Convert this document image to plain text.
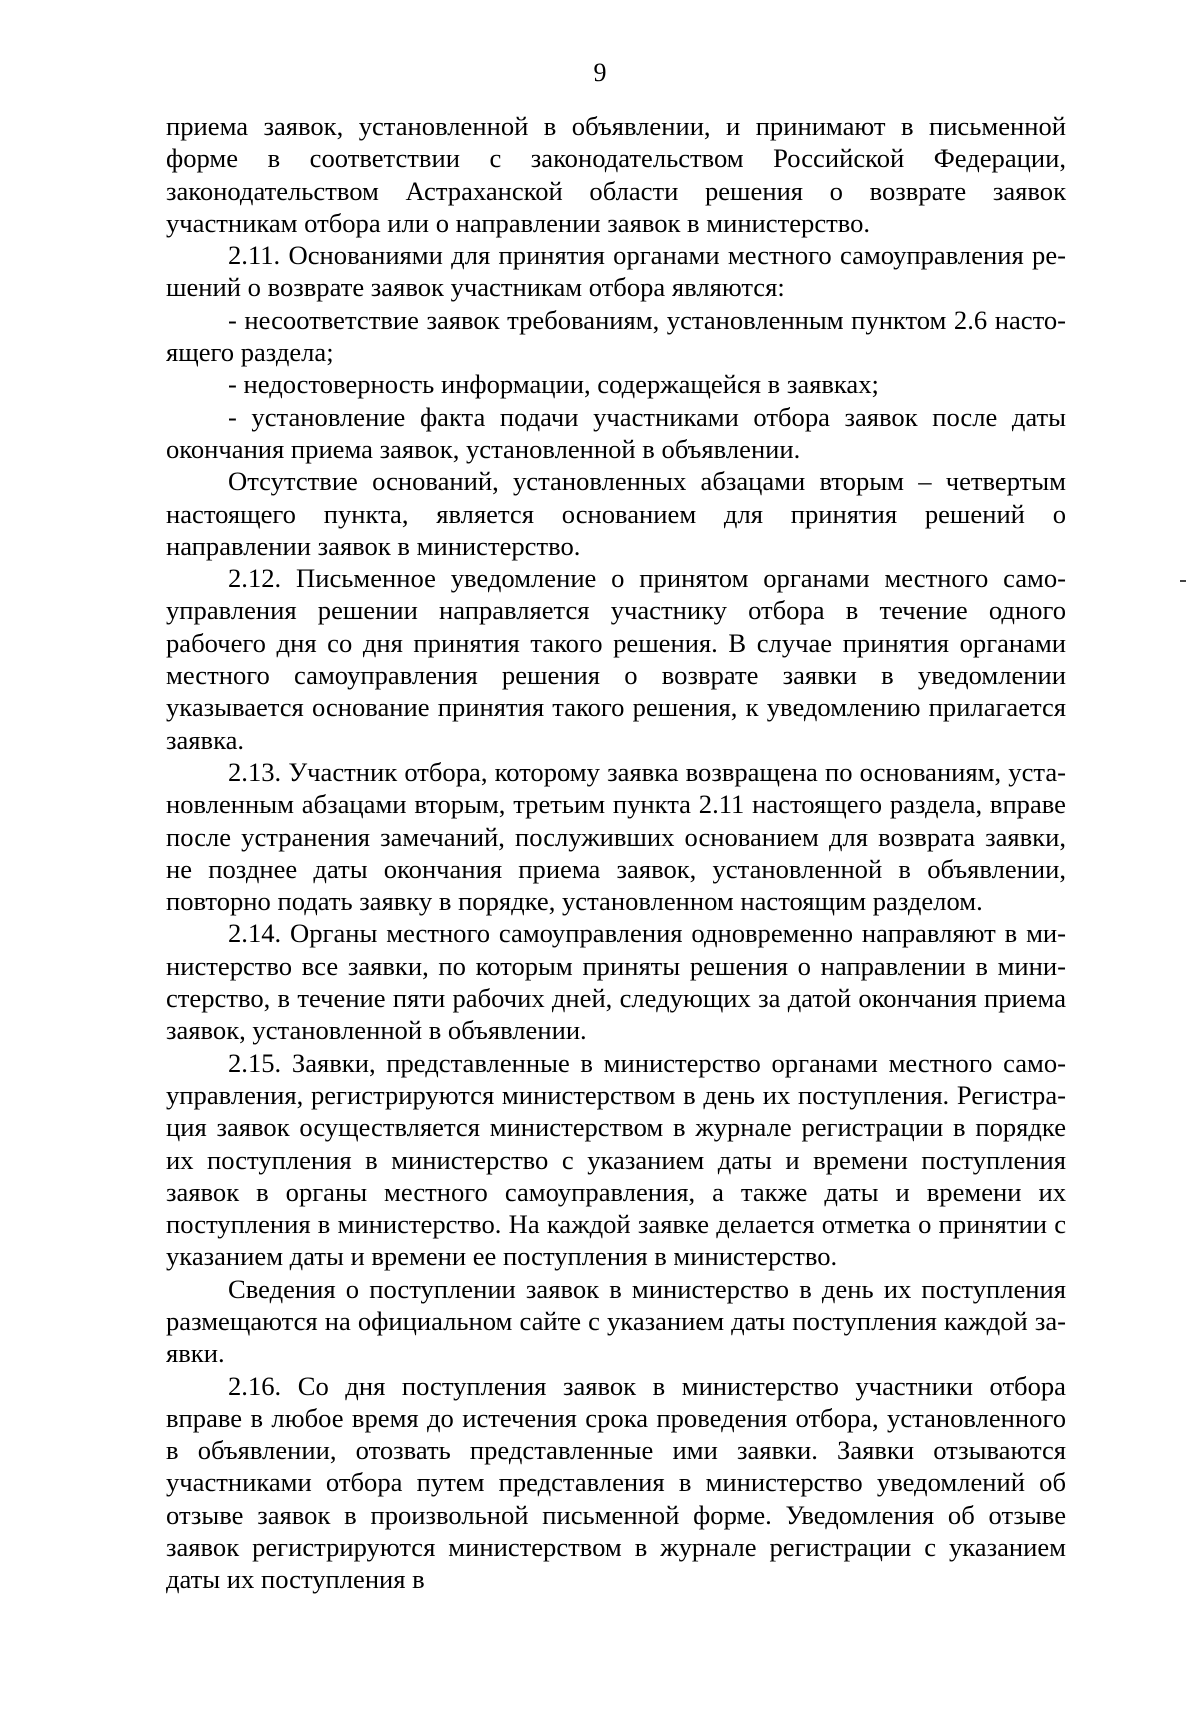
9

приема заявок, установленной в объявлении, и принимают в письменной форме в соответствии с законодательством Российской Федерации, законодательством Астраханской области решения о возврате заявок участникам отбора или о направлении заявок в министерство.

2.11. Основаниями для принятия органами местного самоуправления решений о возврате заявок участникам отбора являются:

- несоответствие заявок требованиям, установленным пунктом 2.6 настоящего раздела;

- недостоверность информации, содержащейся в заявках;

- установление факта подачи участниками отбора заявок после даты окончания приема заявок, установленной в объявлении.

Отсутствие оснований, установленных абзацами вторым – четвертым настоящего пункта, является основанием для принятия решений о направлении заявок в министерство.

2.12. Письменное уведомление о принятом органами местного самоуправления решении направляется участнику отбора в течение одного рабочего дня со дня принятия такого решения. В случае принятия органами местного самоуправления решения о возврате заявки в уведомлении указывается основание принятия такого решения, к уведомлению прилагается заявка.

2.13. Участник отбора, которому заявка возвращена по основаниям, установленным абзацами вторым, третьим пункта 2.11 настоящего раздела, вправе после устранения замечаний, послуживших основанием для возврата заявки, не позднее даты окончания приема заявок, установленной в объявлении, повторно подать заявку в порядке, установленном настоящим разделом.

2.14. Органы местного самоуправления одновременно направляют в министерство все заявки, по которым приняты решения о направлении в министерство, в течение пяти рабочих дней, следующих за датой окончания приема заявок, установленной в объявлении.

2.15. Заявки, представленные в министерство органами местного самоуправления, регистрируются министерством в день их поступления. Регистрация заявок осуществляется министерством в журнале регистрации в порядке их поступления в министерство с указанием даты и времени поступления заявок в органы местного самоуправления, а также даты и времени их поступления в министерство. На каждой заявке делается отметка о принятии с указанием даты и времени ее поступления в министерство.

Сведения о поступлении заявок в министерство в день их поступления размещаются на официальном сайте с указанием даты поступления каждой заявки.

2.16. Со дня поступления заявок в министерство участники отбора вправе в любое время до истечения срока проведения отбора, установленного в объявлении, отозвать представленные ими заявки. Заявки отзываются участниками отбора путем представления в министерство уведомлений об отзыве заявок в произвольной письменной форме. Уведомления об отзыве заявок регистрируются министерством в журнале регистрации с указанием даты их поступления в
